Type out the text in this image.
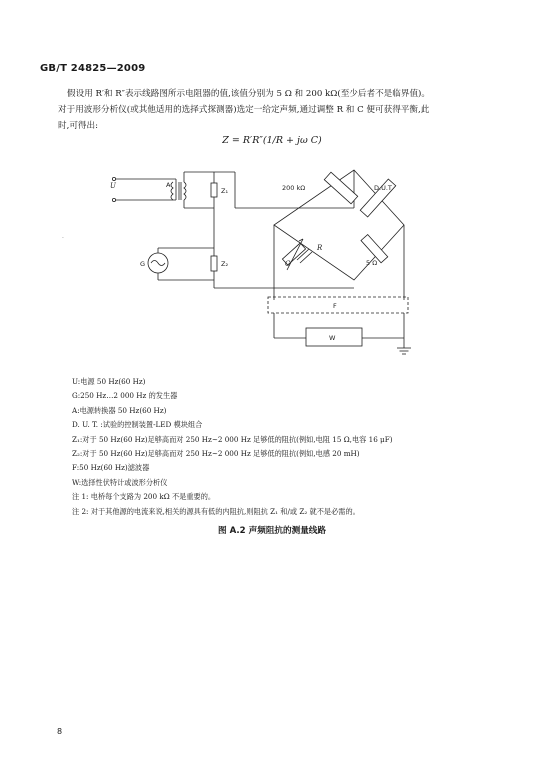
GB/T 24825—2009
假设用 R′和 R″表示线路图所示电阻器的值,该值分别为 5 Ω 和 200 kΩ(至少后者不是临界值)。
对于用波形分析仪(或其他适用的选择式探测器)选定一给定声频,通过调整 R 和 C 便可获得平衡,此
时,可得出:
Z = R′R″(1/R + jω C)
·
U	A
Z₁
G	Z₂
200 kΩ	D.U.T
R
C	5 Ω
F
W
U:电源 50 Hz(60 Hz)
G:250 Hz…2 000 Hz 的发生器
A:电源转换器 50 Hz(60 Hz)
D. U. T. :试验的控制装置-LED 模块组合
Z₁:对于 50 Hz(60 Hz)足够高而对 250 Hz~2 000 Hz 足够低的阻抗(例如,电阻 15 Ω,电容 16 μF)
Z₂:对于 50 Hz(60 Hz)足够高而对 250 Hz~2 000 Hz 足够低的阻抗(例如,电感 20 mH)
F:50 Hz(60 Hz)滤波器
W:选择性伏特计或波形分析仪
注 1: 电桥每个支路为 200 kΩ 不是重要的。
注 2: 对于其他源的电流来说,相关的源具有低的内阻抗,则阻抗 Z₁ 和/或 Z₂ 就不是必需的。
图 A.2 声频阻抗的测量线路
8
